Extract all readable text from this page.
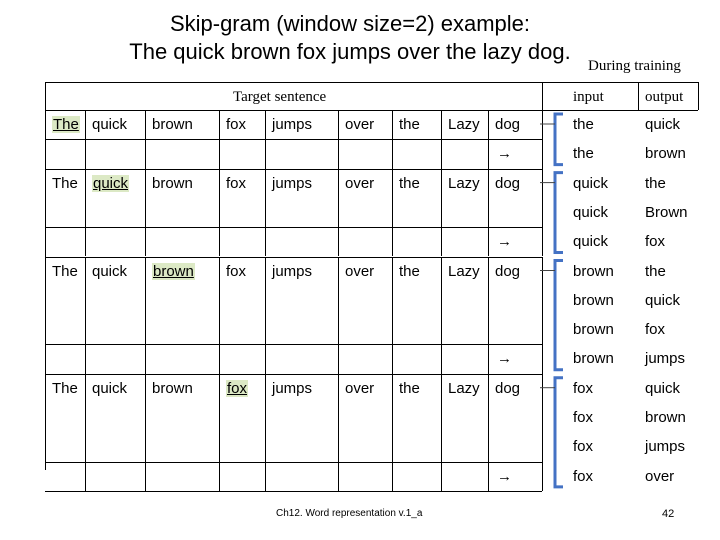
Skip-gram (window size=2) example:
The quick brown fox jumps over the lazy dog.
During training
Target sentence	input	output
The quick brown fox jumps over the Lazy dog
→
the	quick
the	brown
The quick brown fox jumps over the Lazy dog
→
quick the
quick Brown
quick fox
The quick brown fox jumps over the Lazy dog
→
brown the
brown quick
brown fox
brown jumps
The quick brown fox jumps over the Lazy dog
→
fox	quick
fox	brown
fox	jumps
fox	over
Ch12. Word representation v.1_a	42
